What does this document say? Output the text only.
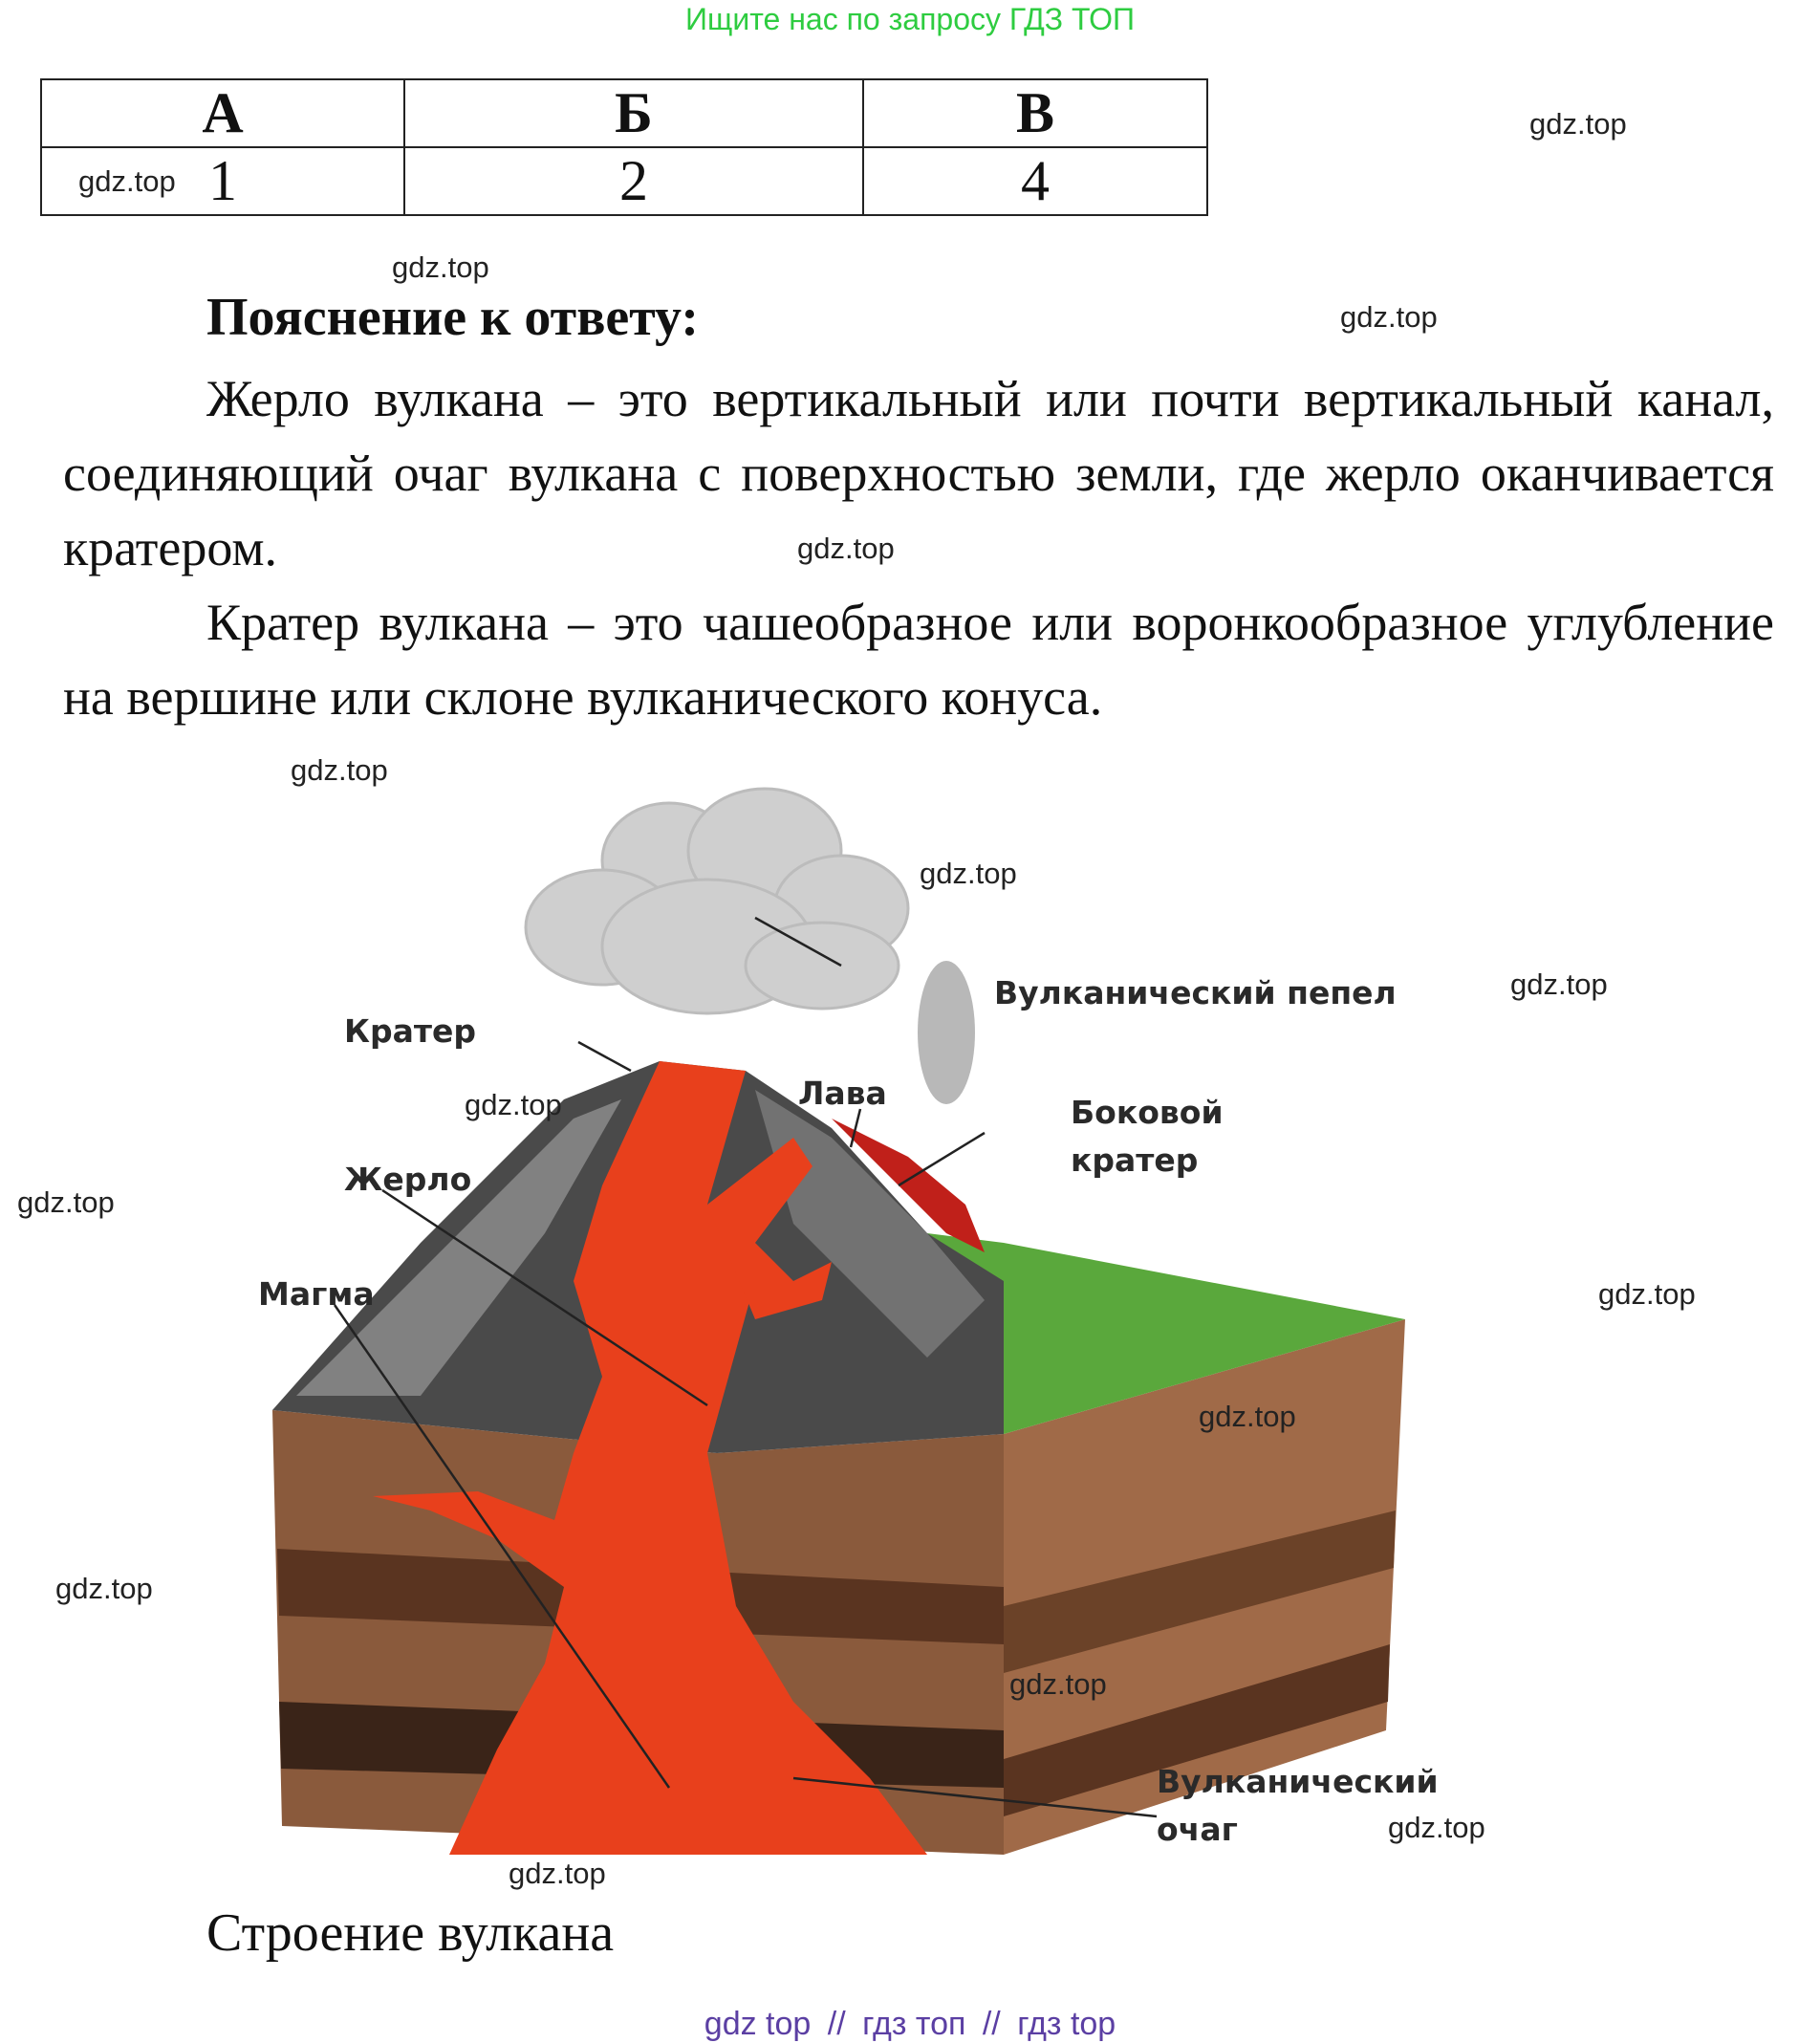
Ищите нас по запросу ГДЗ ТОП
А	Б	В
1	2	4
Пояснение к ответу:

Жерло вулкана – это вертикальный или почти вертикальный канал, соединяющий очаг вулкана с поверхностью земли, где жерло оканчивается кратером.

Кратер вулкана – это чашеобразное или воронкообразное углубление на вершине или склоне вулканического конуса.

Вулканический пепел
Кратер
Лава
Боковой
кратер
Жерло
Магма
Вулканический
очаг
Строение вулкана
gdz top // гдз топ // гдз top
gdz.top
gdz.top
gdz.top
gdz.top
gdz.top
gdz.top
gdz.top
gdz.top
gdz.top
gdz.top
gdz.top
gdz.top
gdz.top
gdz.top
gdz.top
gdz.top
